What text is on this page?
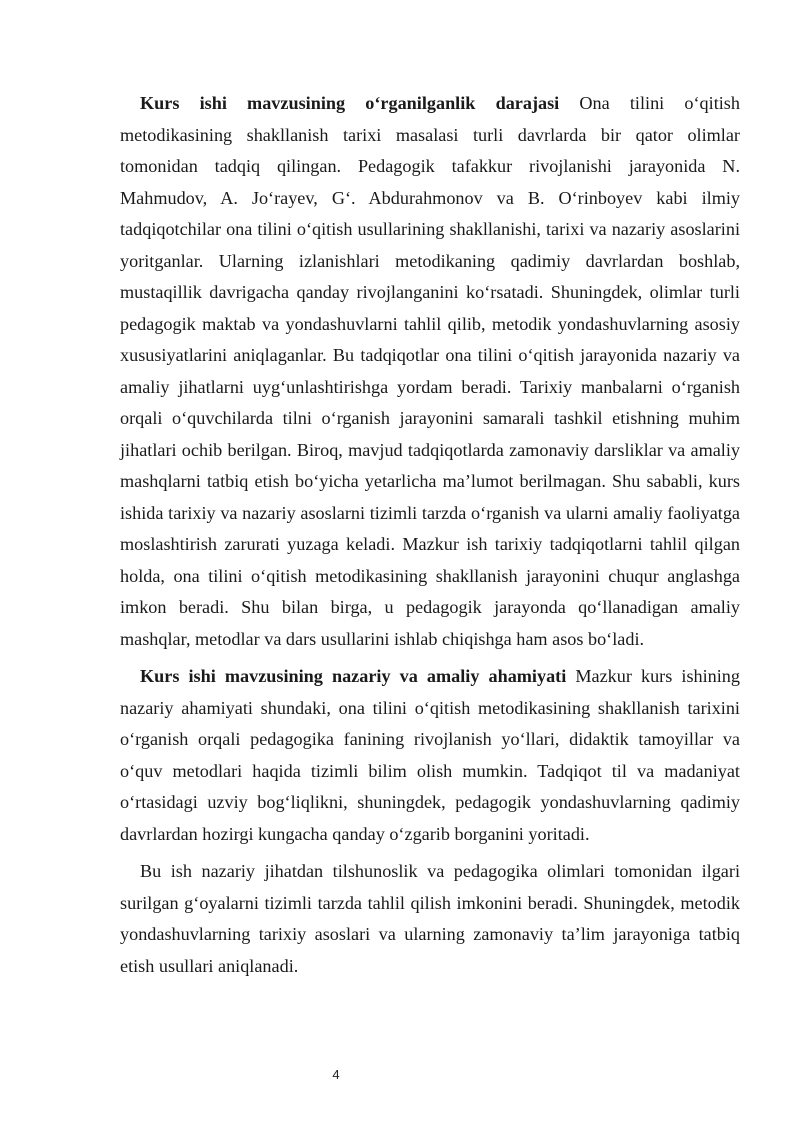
Kurs ishi mavzusining o‘rganilganlik darajasi Ona tilini o‘qitish metodikasining shakllanish tarixi masalasi turli davrlarda bir qator olimlar tomonidan tadqiq qilingan. Pedagogik tafakkur rivojlanishi jarayonida N. Mahmudov, A. Jo‘rayev, G‘. Abdurahmonov va B. O‘rinboyev kabi ilmiy tadqiqotchilar ona tilini o‘qitish usullarining shakllanishi, tarixi va nazariy asoslarini yoritganlar. Ularning izlanishlari metodikaning qadimiy davrlardan boshlab, mustaqillik davrigacha qanday rivojlanganini ko‘rsatadi. Shuningdek, olimlar turli pedagogik maktab va yondashuvlarni tahlil qilib, metodik yondashuvlarning asosiy xususiyatlarini aniqlaganlar. Bu tadqiqotlar ona tilini o‘qitish jarayonida nazariy va amaliy jihatlarni uyg‘unlashtirishga yordam beradi. Tarixiy manbalarni o‘rganish orqali o‘quvchilarda tilni o‘rganish jarayonini samarali tashkil etishning muhim jihatlari ochib berilgan. Biroq, mavjud tadqiqotlarda zamonaviy darsliklar va amaliy mashqlarni tatbiq etish bo‘yicha yetarlicha ma’lumot berilmagan. Shu sababli, kurs ishida tarixiy va nazariy asoslarni tizimli tarzda o‘rganish va ularni amaliy faoliyatga moslashtirish zarurati yuzaga keladi. Mazkur ish tarixiy tadqiqotlarni tahlil qilgan holda, ona tilini o‘qitish metodikasining shakllanish jarayonini chuqur anglashga imkon beradi. Shu bilan birga, u pedagogik jarayonda qo‘llanadigan amaliy mashqlar, metodlar va dars usullarini ishlab chiqishga ham asos bo‘ladi.

Kurs ishi mavzusining nazariy va amaliy ahamiyati Mazkur kurs ishining nazariy ahamiyati shundaki, ona tilini o‘qitish metodikasining shakllanish tarixini o‘rganish orqali pedagogika fanining rivojlanish yo‘llari, didaktik tamoyillar va o‘quv metodlari haqida tizimli bilim olish mumkin. Tadqiqot til va madaniyat o‘rtasidagi uzviy bog‘liqlikni, shuningdek, pedagogik yondashuvlarning qadimiy davrlardan hozirgi kungacha qanday o‘zgarib borganini yoritadi.

Bu ish nazariy jihatdan tilshunoslik va pedagogika olimlari tomonidan ilgari surilgan g‘oyalarni tizimli tarzda tahlil qilish imkonini beradi. Shuningdek, metodik yondashuvlarning tarixiy asoslari va ularning zamonaviy ta’lim jarayoniga tatbiq etish usullari aniqlanadi.

4
